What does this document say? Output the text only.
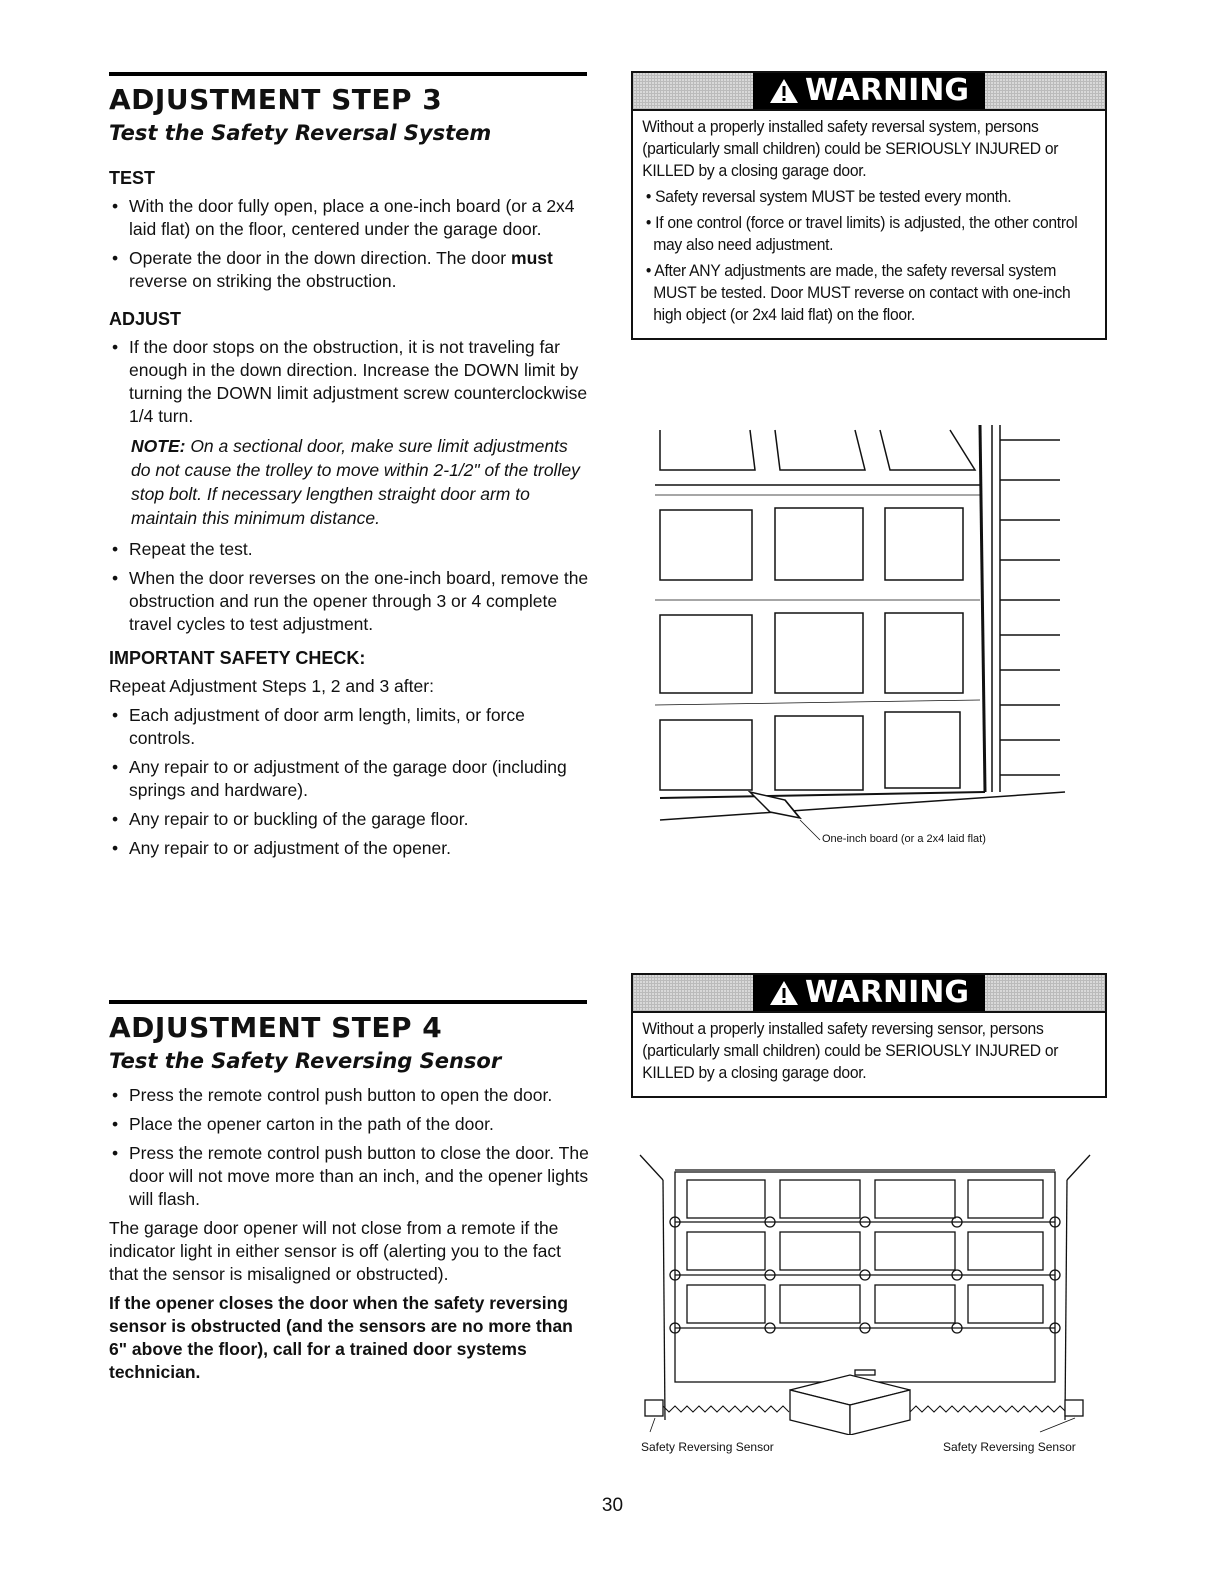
ADJUSTMENT STEP 3
Test the Safety Reversal System
TEST
• With the door fully open, place a one-inch board (or a 2x4 laid flat) on the floor, centered under the garage door.
• Operate the door in the down direction. The door must reverse on striking the obstruction.
ADJUST
• If the door stops on the obstruction, it is not traveling far enough in the down direction. Increase the DOWN limit by turning the DOWN limit adjustment screw counterclockwise 1/4 turn.
NOTE: On a sectional door, make sure limit adjustments do not cause the trolley to move within 2-1/2" of the trolley stop bolt. If necessary lengthen straight door arm to maintain this minimum distance.
• Repeat the test.
• When the door reverses on the one-inch board, remove the obstruction and run the opener through 3 or 4 complete travel cycles to test adjustment.
IMPORTANT SAFETY CHECK:
Repeat Adjustment Steps 1, 2 and 3 after:
• Each adjustment of door arm length, limits, or force controls.
• Any repair to or adjustment of the garage door (including springs and hardware).
• Any repair to or buckling of the garage floor.
• Any repair to or adjustment of the opener.
WARNING

Without a properly installed safety reversal system, persons (particularly small children) could be SERIOUSLY INJURED or KILLED by a closing garage door.

• Safety reversal system MUST be tested every month.

• If one control (force or travel limits) is adjusted, the other control may also need adjustment.

• After ANY adjustments are made, the safety reversal system MUST be tested. Door MUST reverse on contact with one-inch high object (or 2x4 laid flat) on the floor.

One-inch board (or a 2x4 laid flat)
ADJUSTMENT STEP 4
Test the Safety Reversing Sensor
• Press the remote control push button to open the door.
• Place the opener carton in the path of the door.
• Press the remote control push button to close the door. The door will not move more than an inch, and the opener lights will flash.
The garage door opener will not close from a remote if the indicator light in either sensor is off (alerting you to the fact that the sensor is misaligned or obstructed).
If the opener closes the door when the safety reversing sensor is obstructed (and the sensors are no more than 6" above the floor), call for a trained door systems technician.
WARNING

Without a properly installed safety reversing sensor, persons (particularly small children) could be SERIOUSLY INJURED or KILLED by a closing garage door.

Safety Reversing Sensor	Safety Reversing Sensor
30
